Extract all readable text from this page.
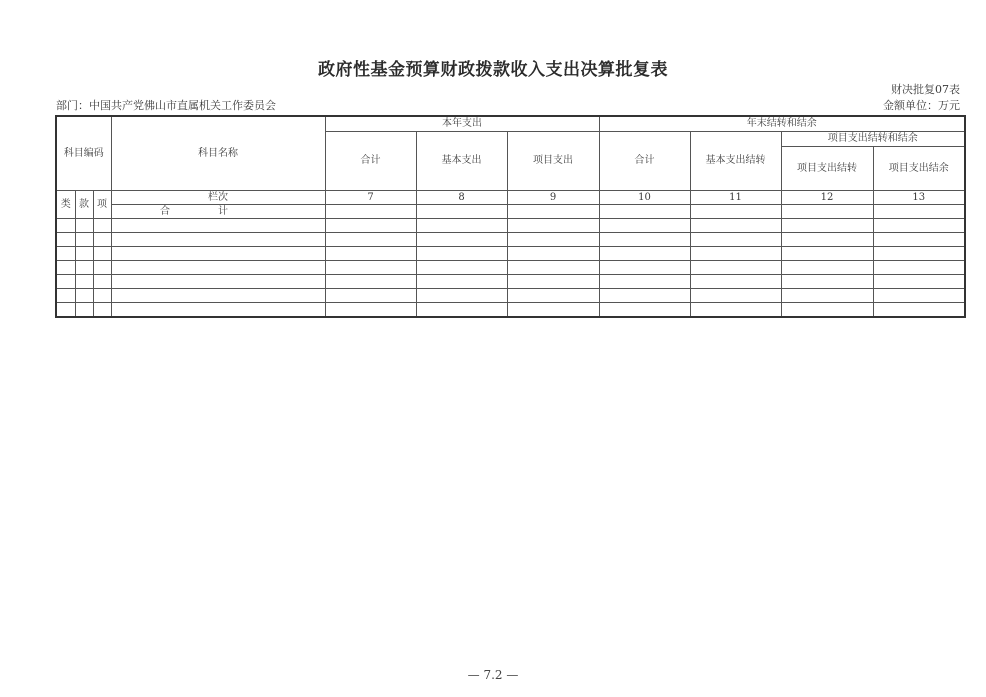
政府性基金预算财政拨款收入支出决算批复表
财决批复07表
金额单位：万元
部门：中国共产党佛山市直属机关工作委员会
科目编码			科目名称	本年支出			年末结转和结余			
				合计	基本支出	项目支出	合计	基本支出结转	项目支出结转和结余	
									项目支出结转	项目支出结余
类	款	项	栏次	7	8	9	10	11	12	13
			合计							

— 7.2 —
